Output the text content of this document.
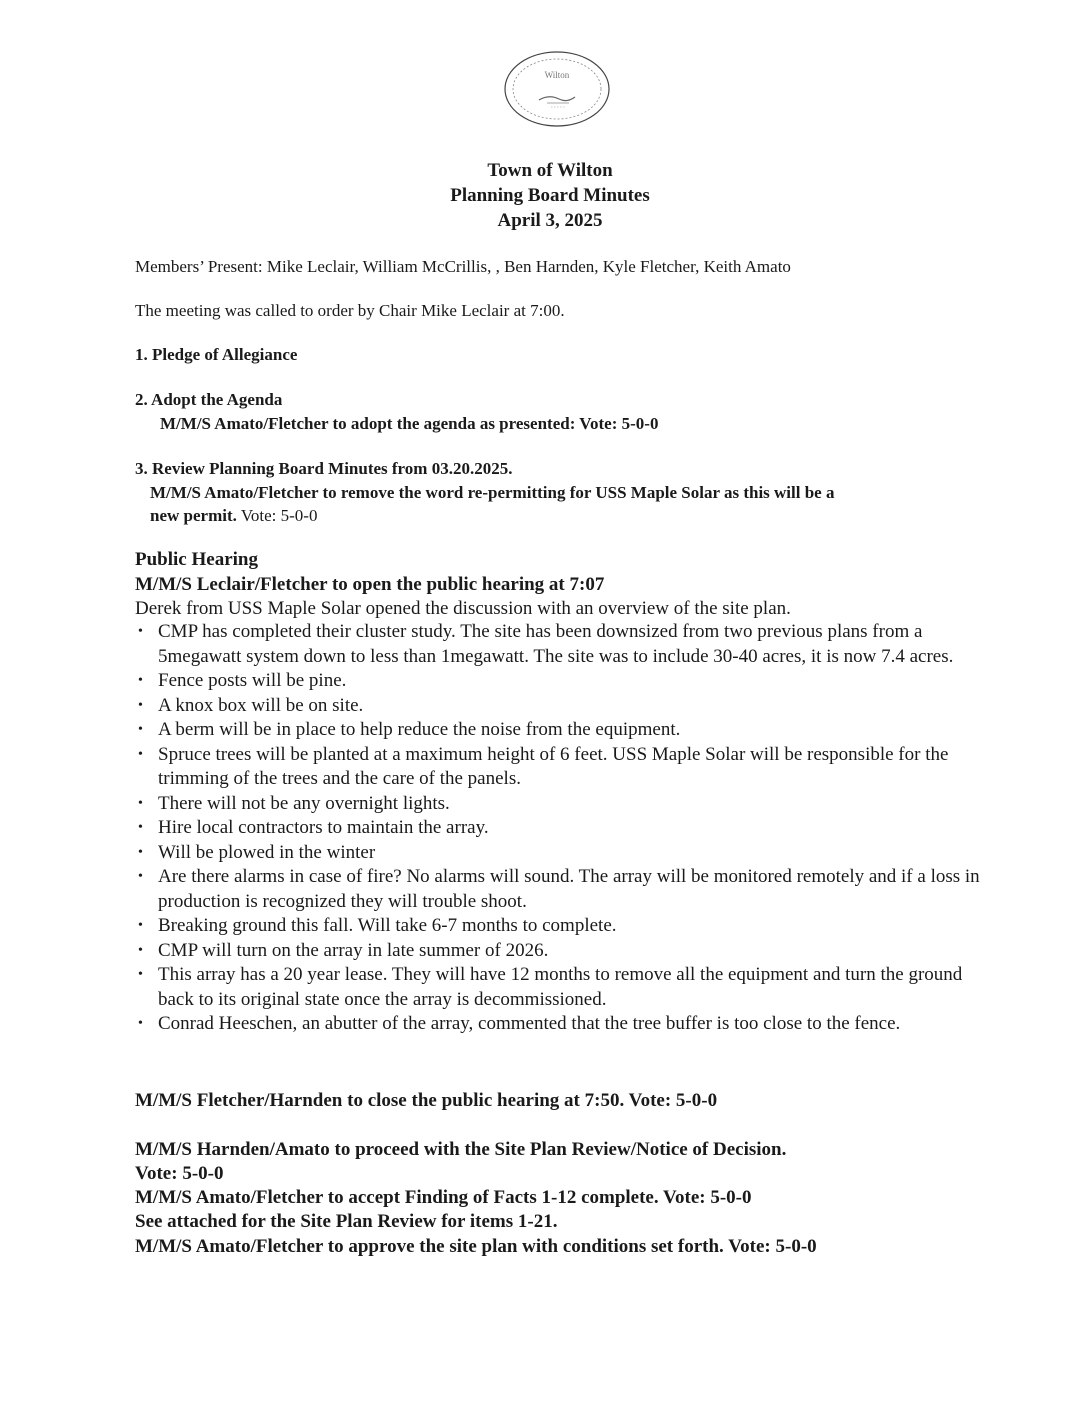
Wilton
Town of Wilton
Planning Board Minutes
April 3, 2025
Members’ Present: Mike Leclair, William McCrillis, , Ben Harnden, Kyle Fletcher, Keith Amato
The meeting was called to order by Chair Mike Leclair at 7:00.
1. Pledge of Allegiance
2. Adopt the Agenda
M/M/S Amato/Fletcher to adopt the agenda as presented: Vote: 5-0-0
3. Review Planning Board Minutes from 03.20.2025.
M/M/S Amato/Fletcher to remove the word re-permitting for USS Maple Solar as this will be a
new permit. Vote: 5-0-0
Public Hearing
M/M/S Leclair/Fletcher to open the public hearing at 7:07
Derek from USS Maple Solar opened the discussion with an overview of the site plan.
• CMP has completed their cluster study. The site has been downsized from two previous plans from a 5megawatt system down to less than 1megawatt. The site was to include 30-40 acres, it is now 7.4 acres.
• Fence posts will be pine.
• A knox box will be on site.
• A berm will be in place to help reduce the noise from the equipment.
• Spruce trees will be planted at a maximum height of 6 feet. USS Maple Solar will be responsible for the trimming of the trees and the care of the panels.
• There will not be any overnight lights.
• Hire local contractors to maintain the array.
• Will be plowed in the winter
• Are there alarms in case of fire? No alarms will sound. The array will be monitored remotely and if a loss in production is recognized they will trouble shoot.
• Breaking ground this fall. Will take 6-7 months to complete.
• CMP will turn on the array in late summer of 2026.
• This array has a 20 year lease. They will have 12 months to remove all the equipment and turn the ground back to its original state once the array is decommissioned.
• Conrad Heeschen, an abutter of the array, commented that the tree buffer is too close to the fence.
M/M/S Fletcher/Harnden to close the public hearing at 7:50. Vote: 5-0-0
M/M/S Harnden/Amato to proceed with the Site Plan Review/Notice of Decision.
Vote: 5-0-0
M/M/S Amato/Fletcher to accept Finding of Facts 1-12 complete. Vote: 5-0-0
See attached for the Site Plan Review for items 1-21.
M/M/S Amato/Fletcher to approve the site plan with conditions set forth. Vote: 5-0-0
